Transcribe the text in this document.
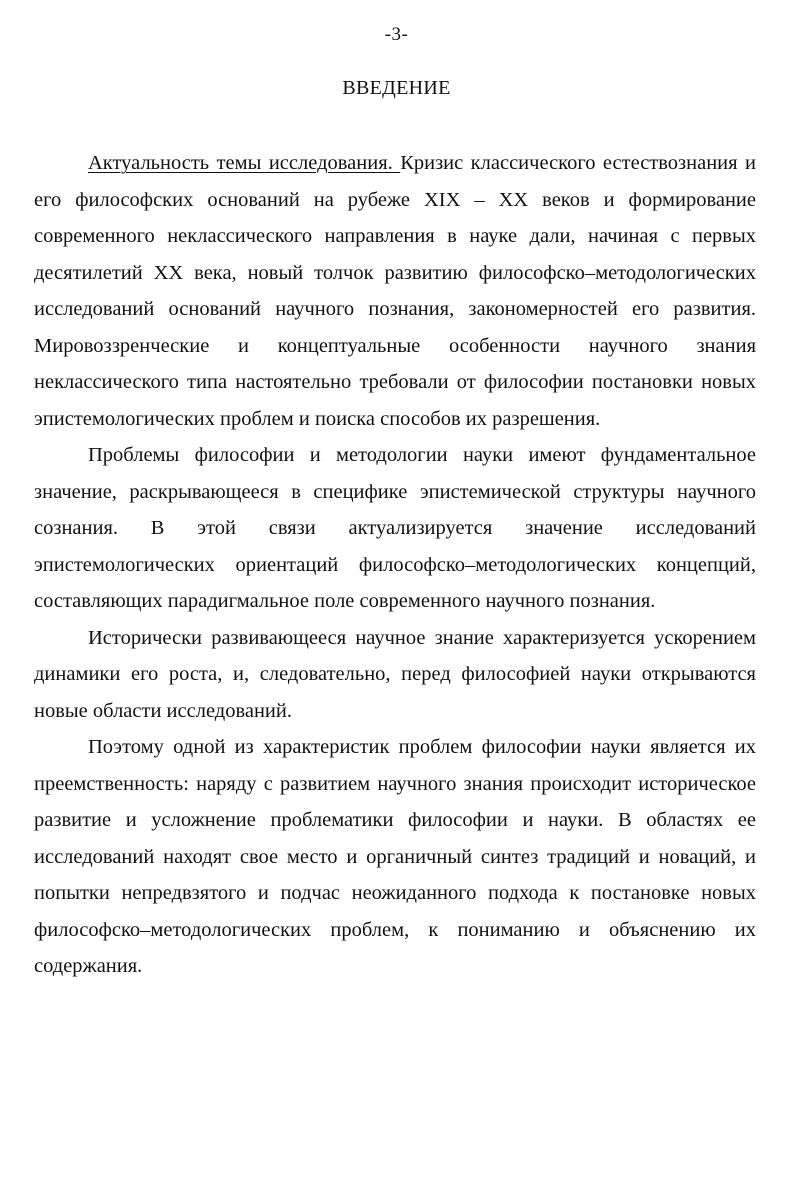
-3-
ВВЕДЕНИЕ

Актуальность темы исследования. Кризис классического естествознания и его философских оснований на рубеже XIX – XX веков и формирование современного неклассического направления в науке дали, начиная с первых десятилетий XX века, новый толчок развитию философско–методологических исследований оснований научного познания, закономерностей его развития. Мировоззренческие и концептуальные особенности научного знания неклассического типа настоятельно требовали от философии постановки новых эпистемологических проблем и поиска способов их разрешения.

Проблемы философии и методологии науки имеют фундаментальное значение, раскрывающееся в специфике эпистемической структуры научного сознания. В этой связи актуализируется значение исследований эпистемологических ориентаций философско–методологических концепций, составляющих парадигмальное поле современного научного познания.

Исторически развивающееся научное знание характеризуется ускорением динамики его роста, и, следовательно, перед философией науки открываются новые области исследований.

Поэтому одной из характеристик проблем философии науки является их преемственность: наряду с развитием научного знания происходит историческое развитие и усложнение проблематики философии и науки. В областях ее исследований находят свое место и органичный синтез традиций и новаций, и попытки непредвзятого и подчас неожиданного подхода к постановке новых философско–методологических проблем, к пониманию и объяснению их содержания.
